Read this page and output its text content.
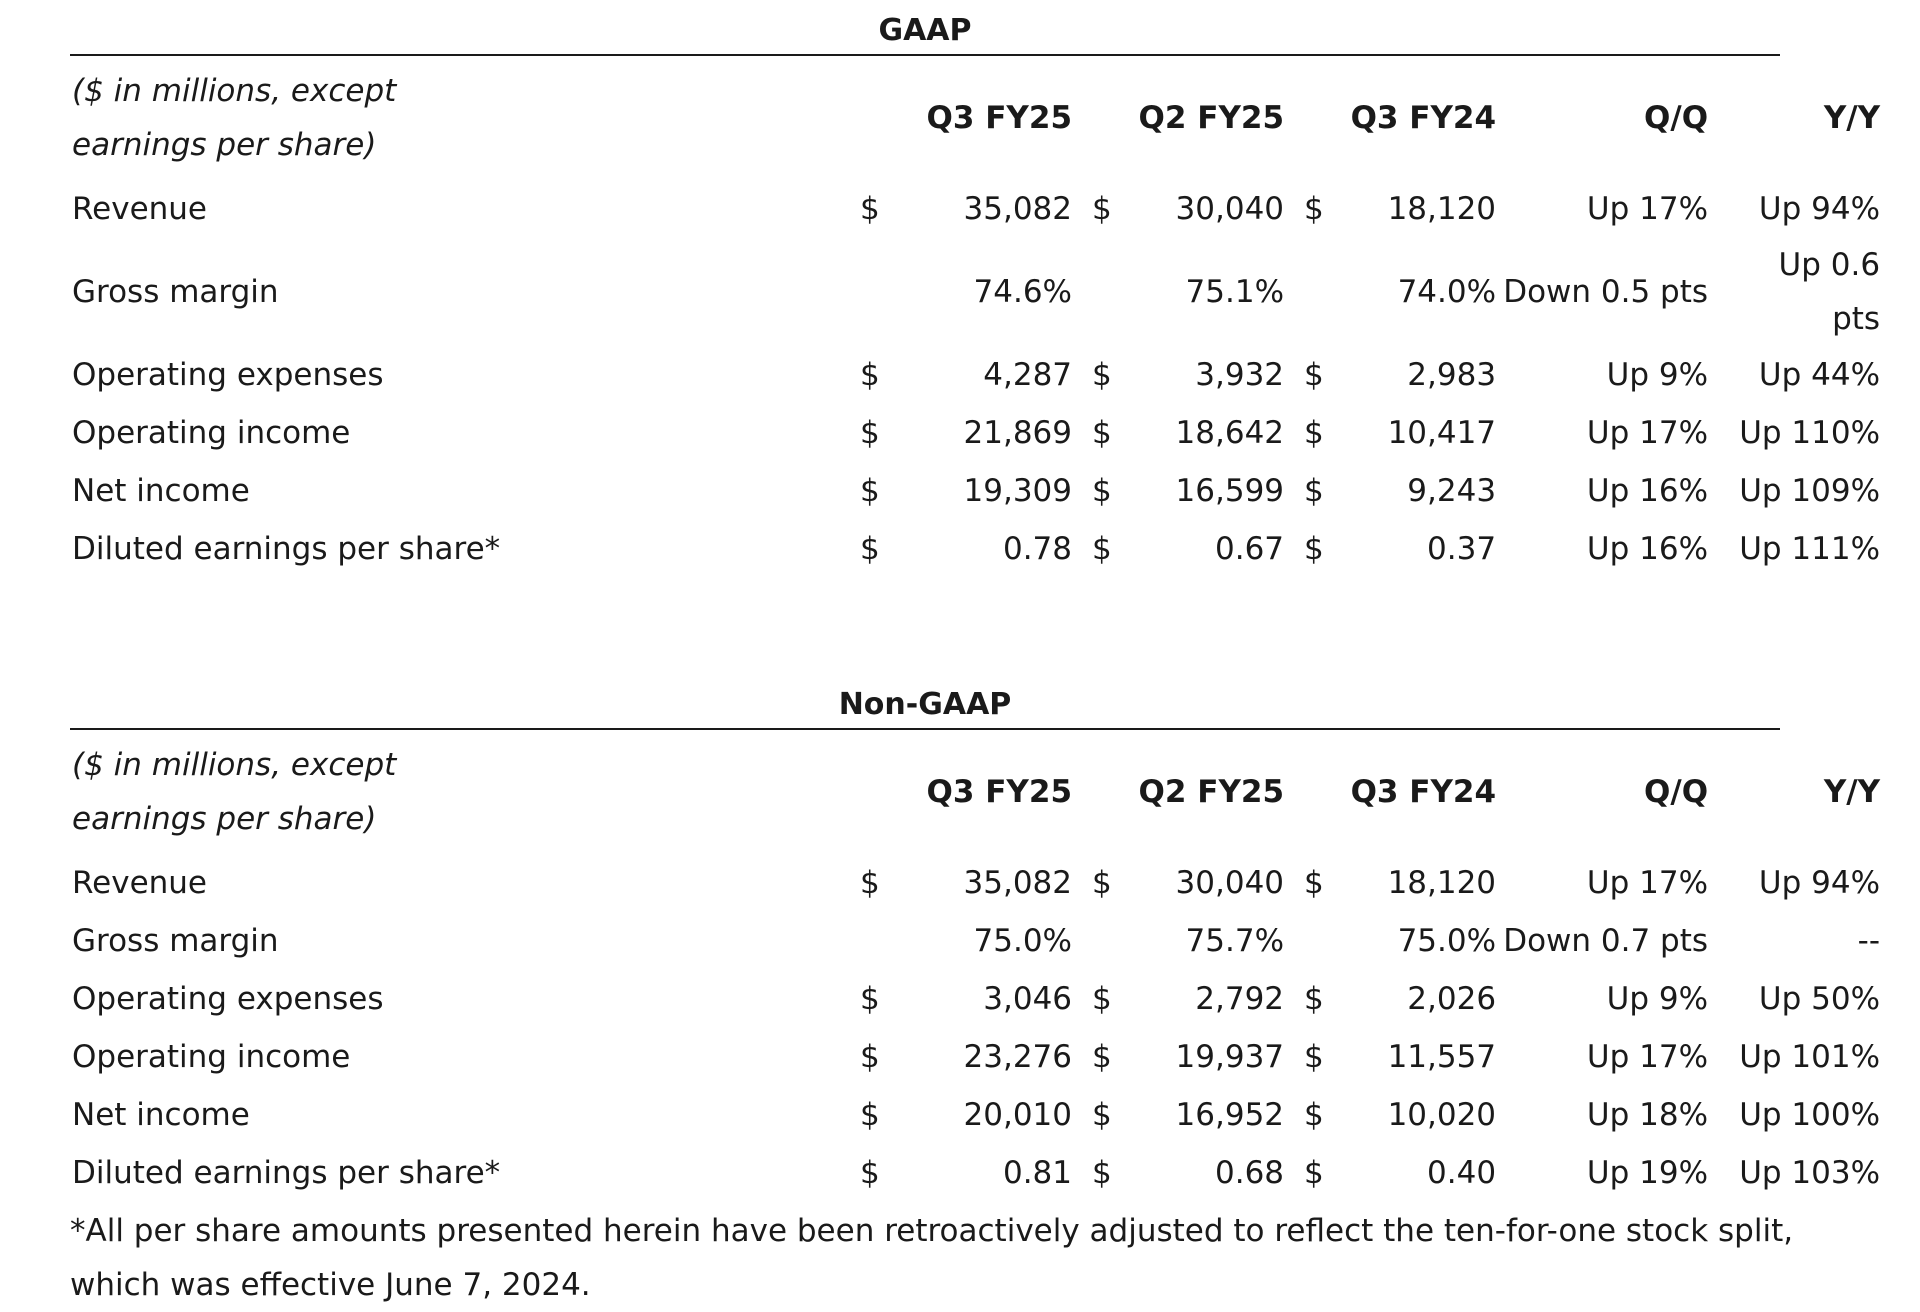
GAAP
($ in millions, except earnings per share)	Q3 FY25		Q2 FY25		Q3 FY24		Q/Q	Y/Y
Revenue	$	35,082	$	30,040	$	18,120	Up 17%	Up 94%
Gross margin		74.6%		75.1%		74.0%	Down 0.5 pts	Up 0.6 pts
Operating expenses	$	4,287	$	3,932	$	2,983	Up 9%	Up 44%
Operating income	$	21,869	$	18,642	$	10,417	Up 17%	Up 110%
Net income	$	19,309	$	16,599	$	9,243	Up 16%	Up 109%
Diluted earnings per share*	$	0.78	$	0.67	$	0.37	Up 16%	Up 111%
Non-GAAP
($ in millions, except earnings per share)	Q3 FY25		Q2 FY25		Q3 FY24		Q/Q	Y/Y
Revenue	$	35,082	$	30,040	$	18,120	Up 17%	Up 94%
Gross margin		75.0%		75.7%		75.0%	Down 0.7 pts	--
Operating expenses	$	3,046	$	2,792	$	2,026	Up 9%	Up 50%
Operating income	$	23,276	$	19,937	$	11,557	Up 17%	Up 101%
Net income	$	20,010	$	16,952	$	10,020	Up 18%	Up 100%
Diluted earnings per share*	$	0.81	$	0.68	$	0.40	Up 19%	Up 103%
*All per share amounts presented herein have been retroactively adjusted to reflect the ten-for-one stock split, which was effective June 7, 2024.
